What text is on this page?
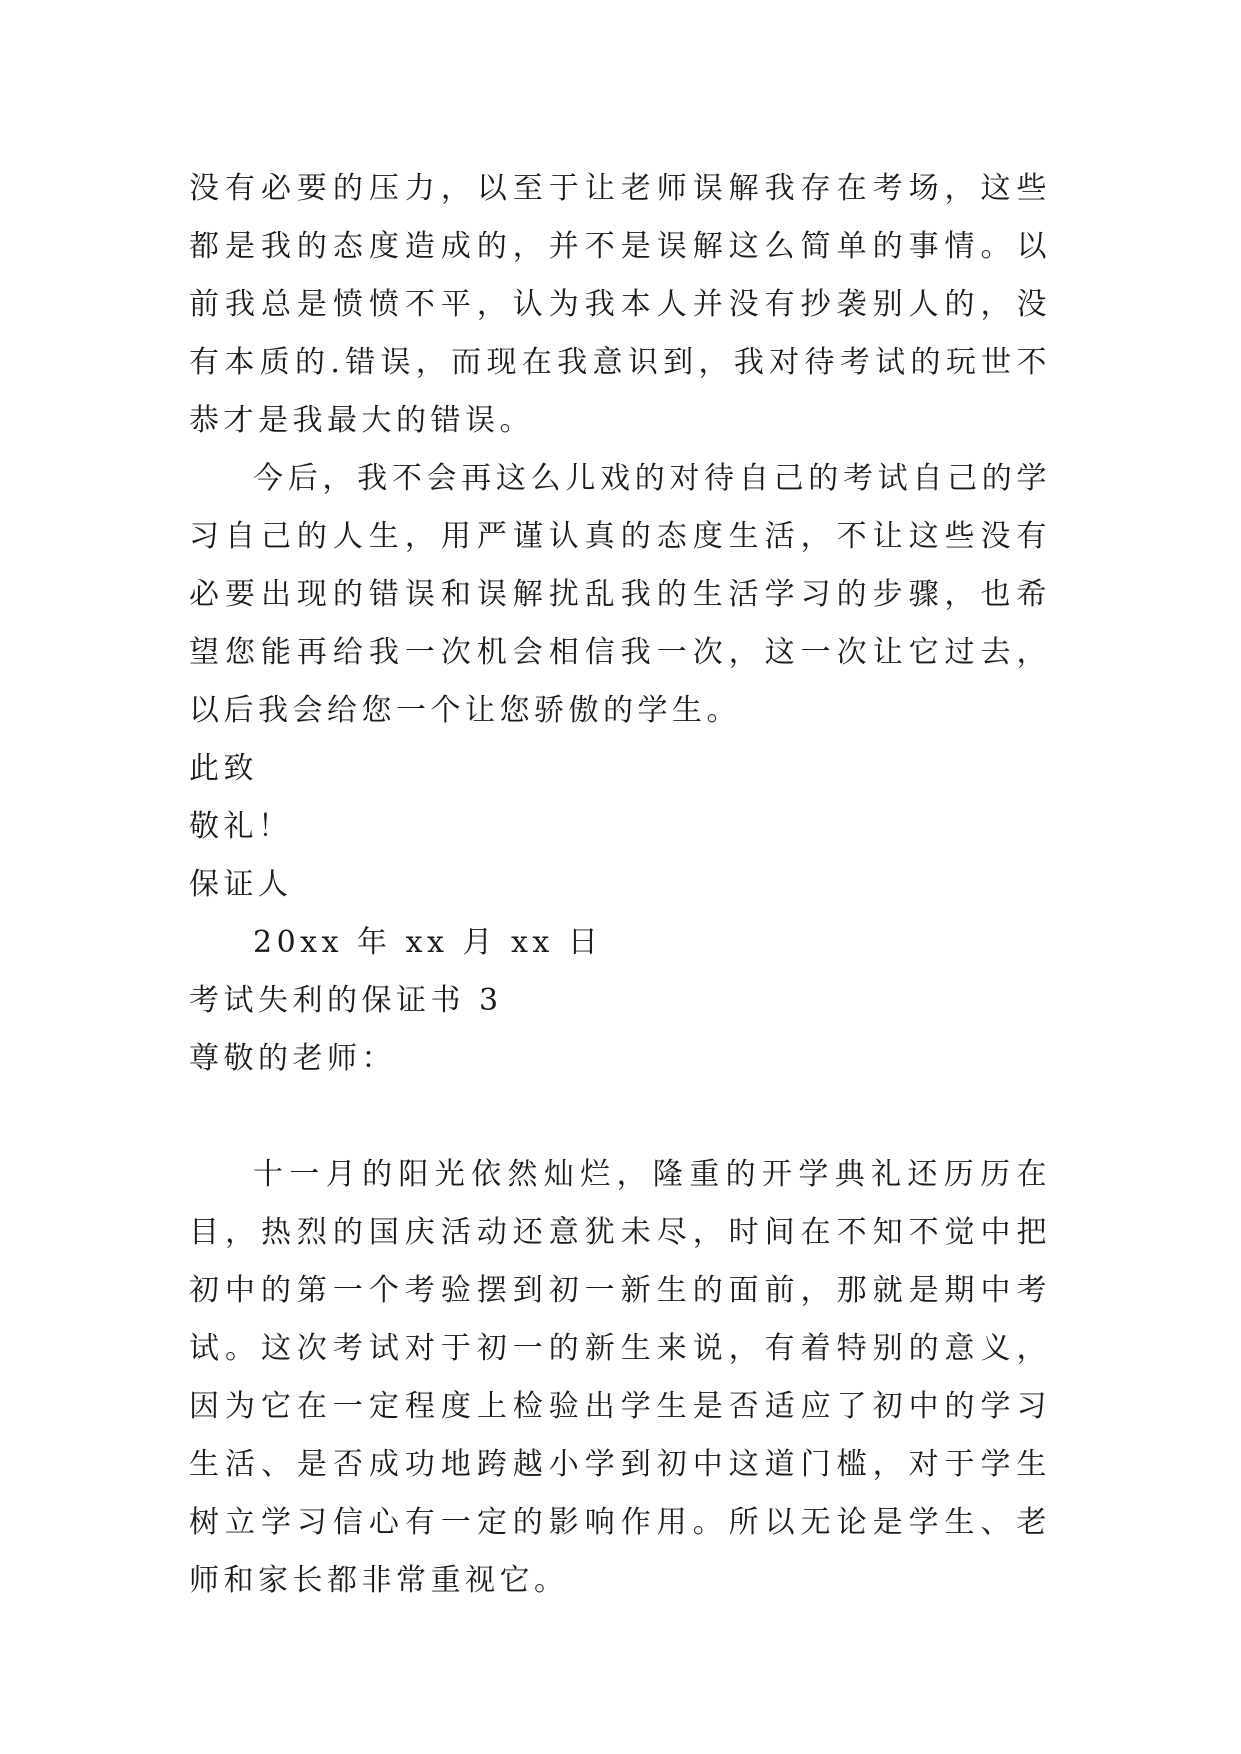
没有必要的压力，以至于让老师误解我存在考场，这些都是我的态度造成的，并不是误解这么简单的事情。以前我总是愤愤不平，认为我本人并没有抄袭别人的，没有本质的.错误，而现在我意识到，我对待考试的玩世不恭才是我最大的错误。

今后，我不会再这么儿戏的对待自己的考试自己的学习自己的人生，用严谨认真的态度生活，不让这些没有必要出现的错误和误解扰乱我的生活学习的步骤，也希望您能再给我一次机会相信我一次，这一次让它过去，以后我会给您一个让您骄傲的学生。

此致

敬礼！

保证人

20xx 年 xx 月 xx 日

考试失利的保证书 3

尊敬的老师：

十一月的阳光依然灿烂，隆重的开学典礼还历历在目，热烈的国庆活动还意犹未尽，时间在不知不觉中把初中的第一个考验摆到初一新生的面前，那就是期中考试。这次考试对于初一的新生来说，有着特别的意义，因为它在一定程度上检验出学生是否适应了初中的学习生活、是否成功地跨越小学到初中这道门槛，对于学生树立学习信心有一定的影响作用。所以无论是学生、老师和家长都非常重视它。
